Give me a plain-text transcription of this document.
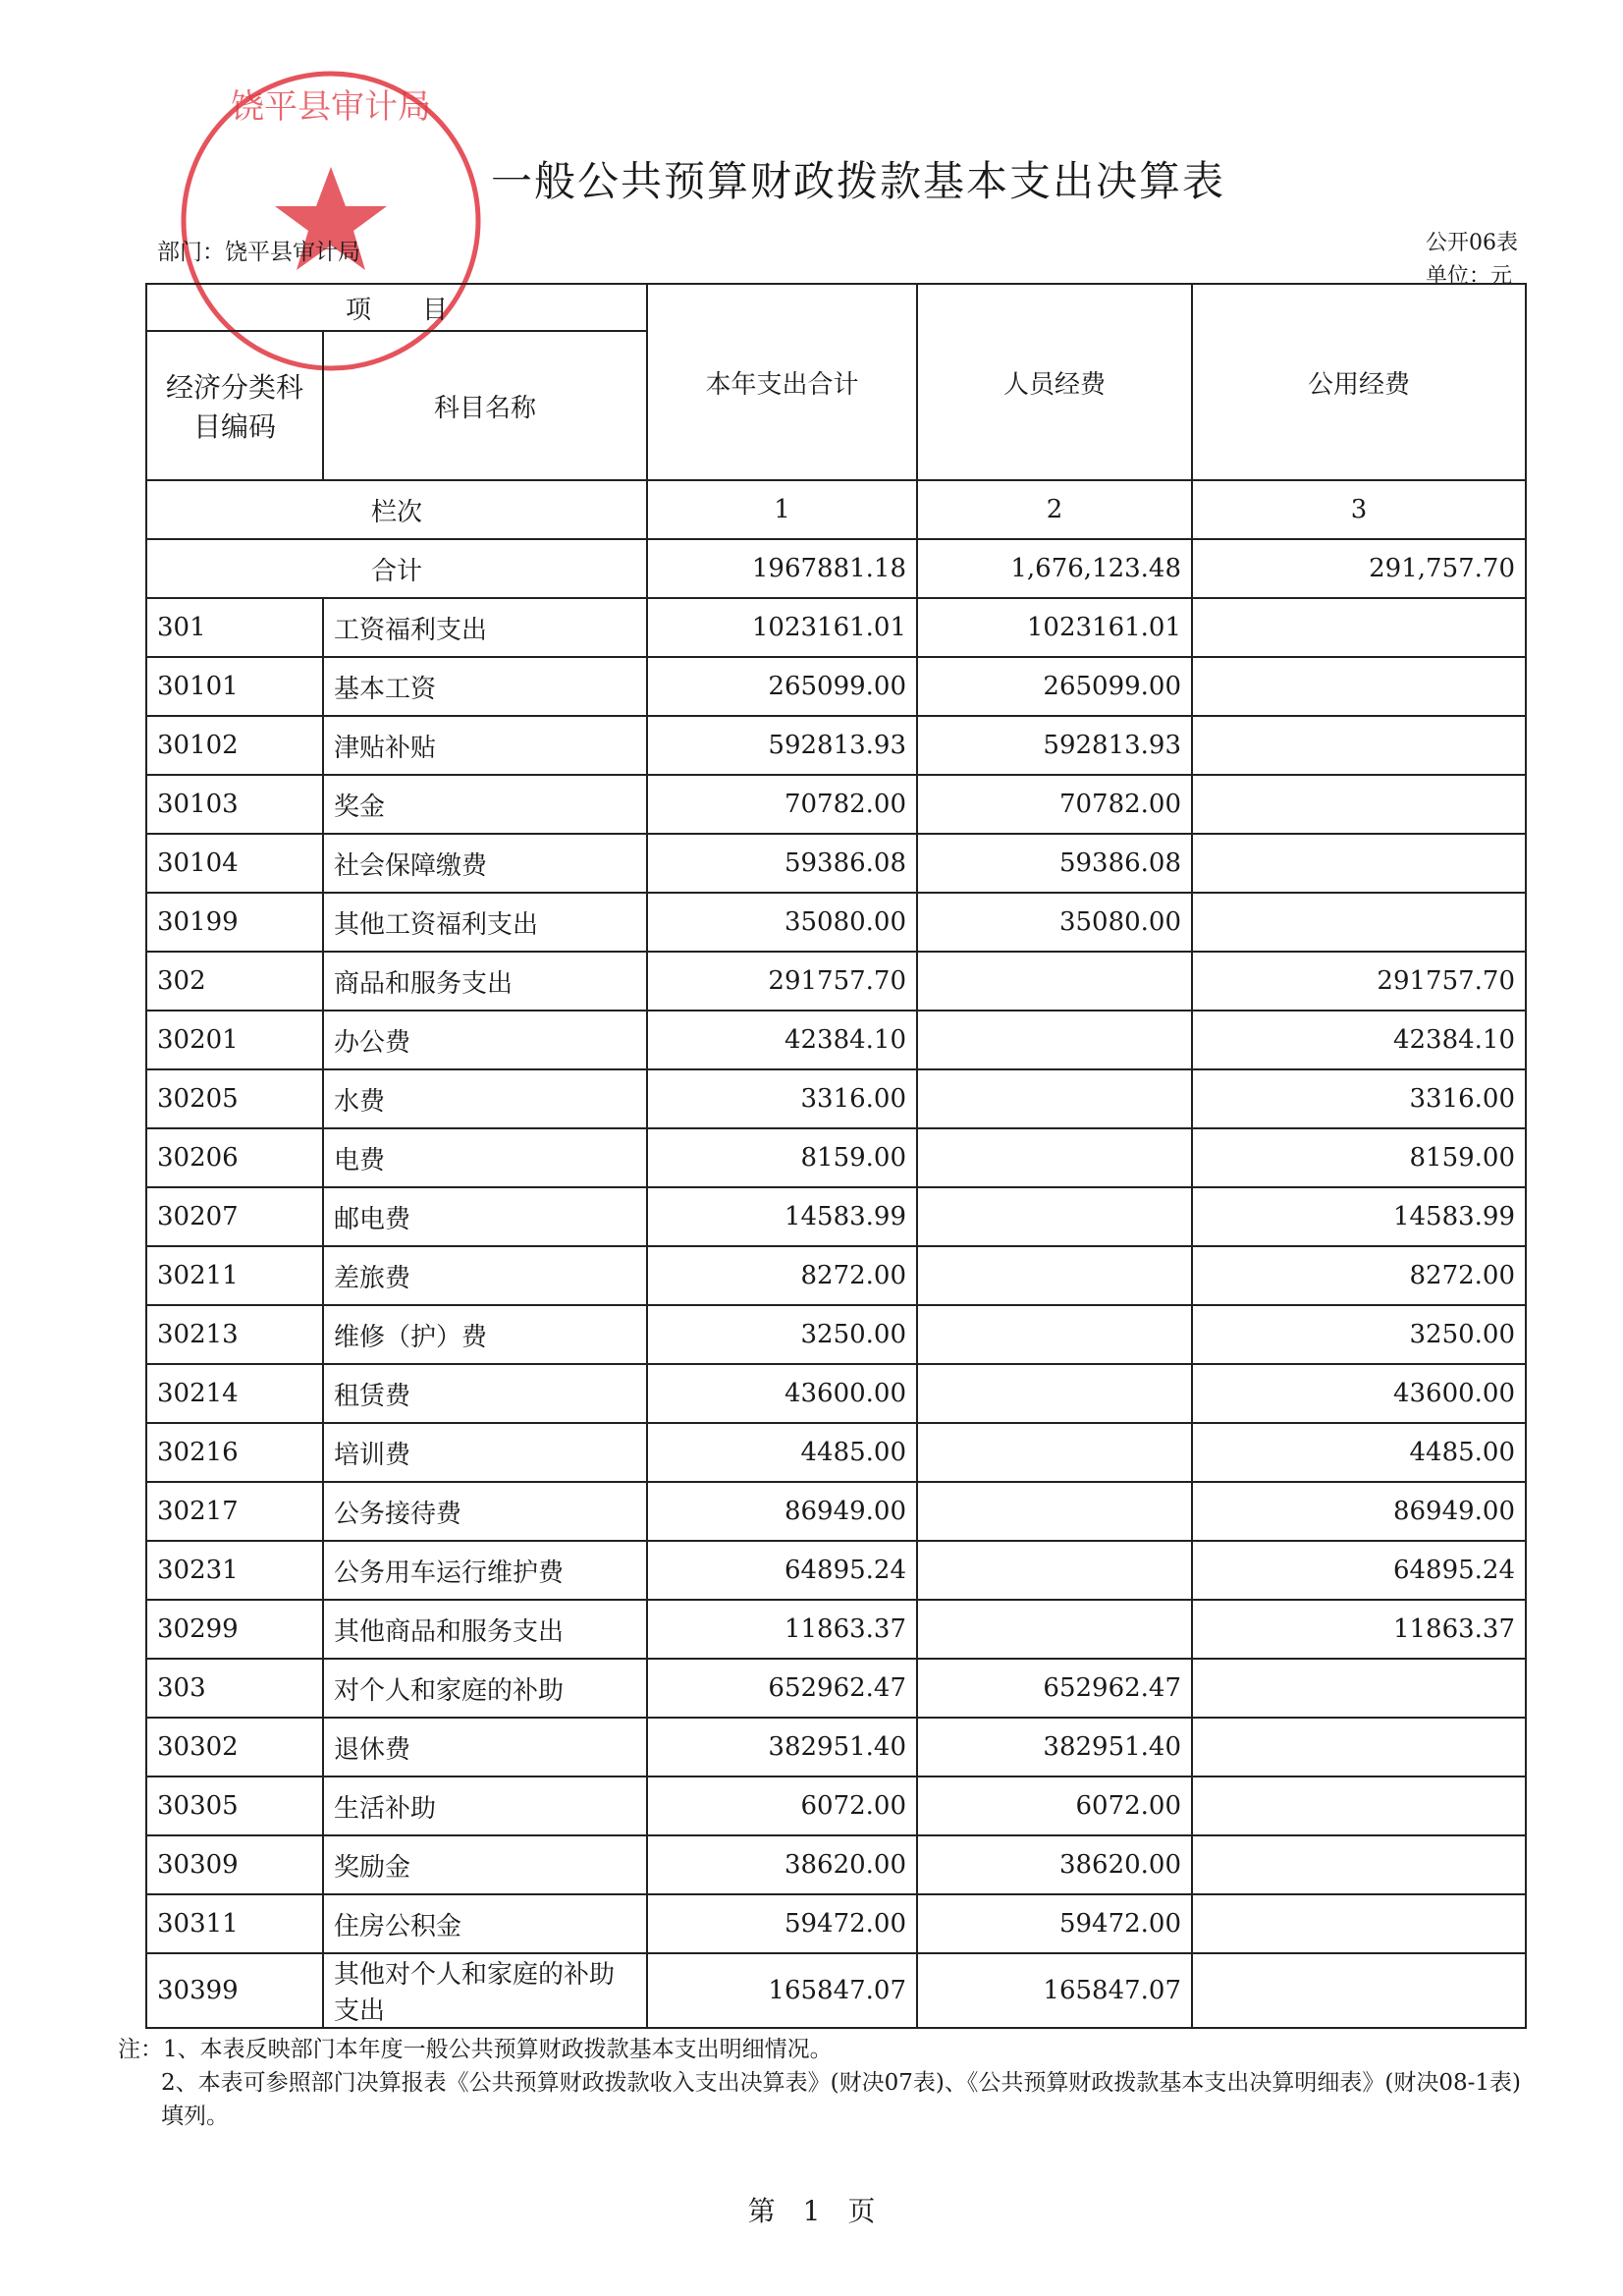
饶平县审计局
一般公共预算财政拨款基本支出决算表
部门：饶平县审计局	公开06表
单位：元
项　　目		本年支出合计	人员经费	公用经费
经济分类科目编码	科目名称			
栏次		1	2	3
合计		1967881.18	1,676,123.48	291,757.70
301	工资福利支出	1023161.01	1023161.01	
30101	基本工资	265099.00	265099.00	
30102	津贴补贴	592813.93	592813.93	
30103	奖金	70782.00	70782.00	
30104	社会保障缴费	59386.08	59386.08	
30199	其他工资福利支出	35080.00	35080.00	
302	商品和服务支出	291757.70		291757.70
30201	办公费	42384.10		42384.10
30205	水费	3316.00		3316.00
30206	电费	8159.00		8159.00
30207	邮电费	14583.99		14583.99
30211	差旅费	8272.00		8272.00
30213	维修（护）费	3250.00		3250.00
30214	租赁费	43600.00		43600.00
30216	培训费	4485.00		4485.00
30217	公务接待费	86949.00		86949.00
30231	公务用车运行维护费	64895.24		64895.24
30299	其他商品和服务支出	11863.37		11863.37
303	对个人和家庭的补助	652962.47	652962.47	
30302	退休费	382951.40	382951.40	
30305	生活补助	6072.00	6072.00	
30309	奖励金	38620.00	38620.00	
30311	住房公积金	59472.00	59472.00	
30399	其他对个人和家庭的补助支出	165847.07	165847.07	
注：1、本表反映部门本年度一般公共预算财政拨款基本支出明细情况。
2、本表可参照部门决算报表《公共预算财政拨款收入支出决算表》(财决07表)、《公共预算财政拨款基本支出决算明细表》(财决08-1表)填列。
第　1　页
